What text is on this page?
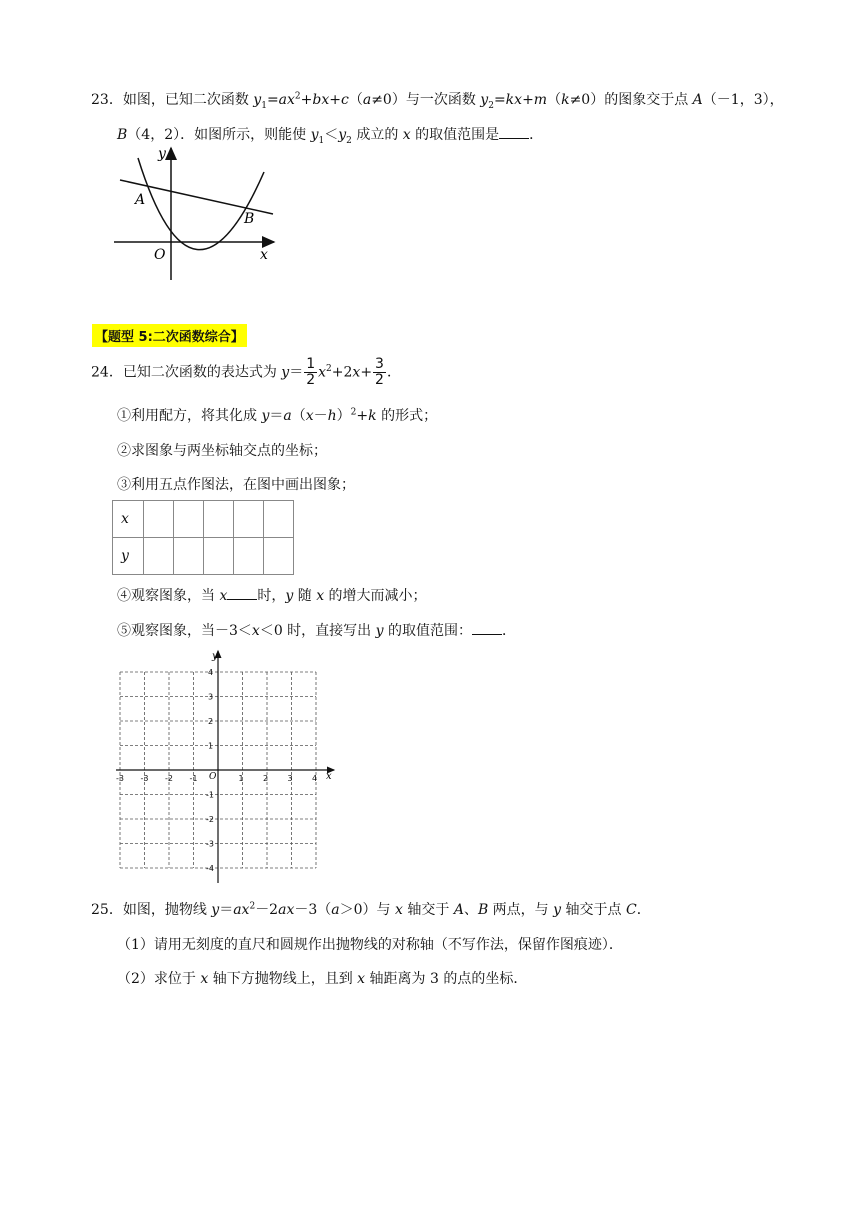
23．如图，已知二次函数 $y_1=ax^2+bx+c(a\ne 0)$与一次函数 $y_2=kx+m(k\ne 0)$的图象交于点 A（－1，3），
B（4，2）．如图所示，则能使 $y_1<y_2$ 成立的 x 的取值范围是 ．
y
x
O
A
B
【题型 5:二次函数综合】
24．已知二次函数的表达式为 $y= \frac{1}{2} x^2+2x+ \frac{3}{2}$ ．
①利用配方，将其化成 $y=a(x-h)^2+k$ 的形式；
②求图象与两坐标轴交点的坐标；
③利用五点作图法，在图中画出图象；
x					
y					
④观察图象，当 x 时，y 随 x 的增大而减小；
⑤观察图象，当－3＜x＜0 时，直接写出 y 的取值范围： ．
y
x
O
-3 -3 -2 -1	1 2 3 4
4
3
2
1
-1
-2
-3
-4
25．如图，抛物线 $y=ax^2-2ax-3(a>0)$与 x 轴交于 A、B 两点，与 y 轴交于点 C．
（1）请用无刻度的直尺和圆规作出抛物线的对称轴（不写作法，保留作图痕迹）．
（2）求位于 x 轴下方抛物线上，且到 x 轴距离为 3 的点的坐标．
